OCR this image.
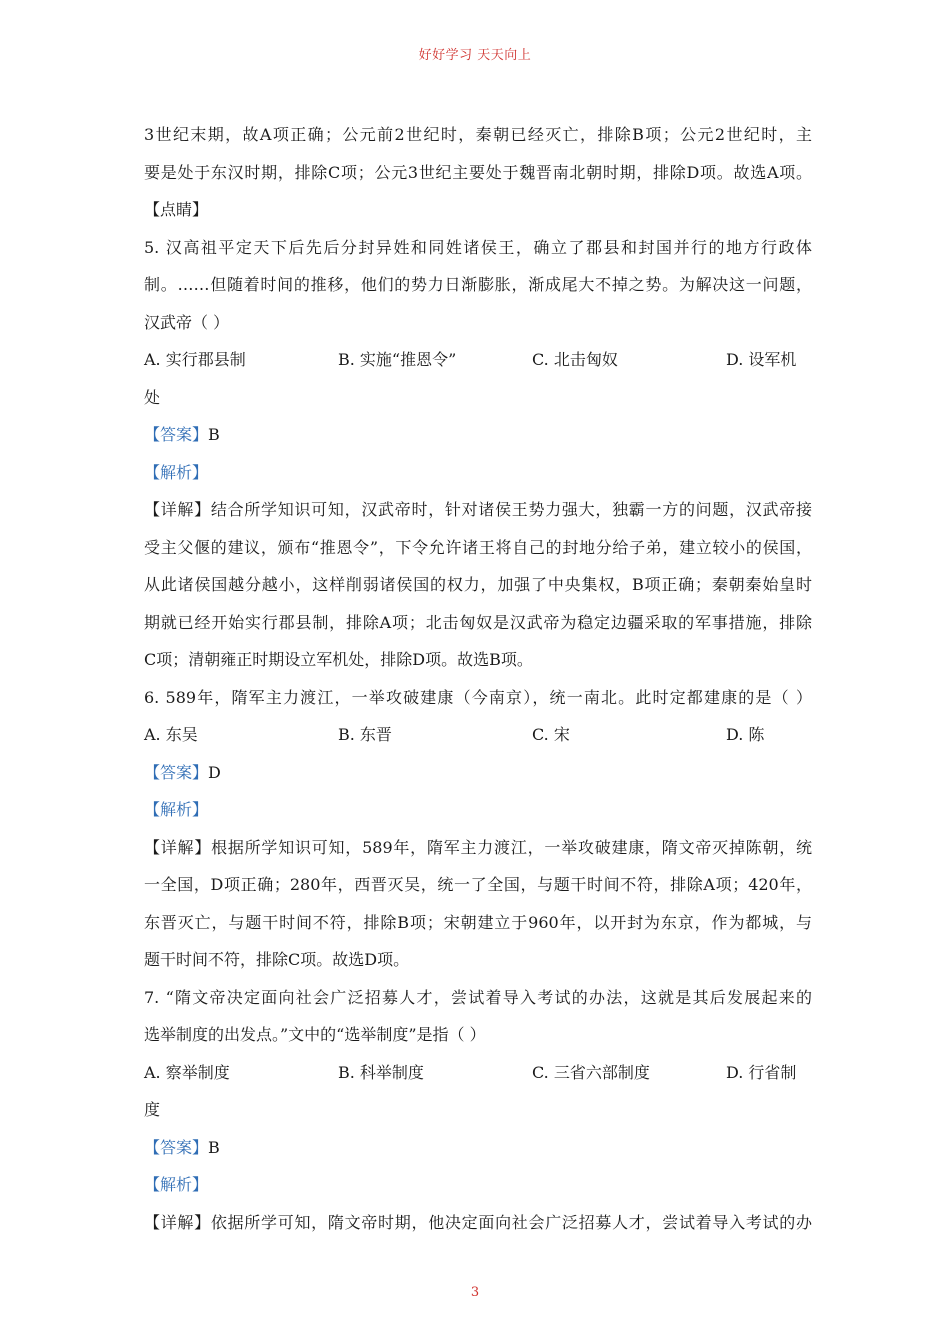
好好学习 天天向上
3世纪末期，故A项正确；公元前2世纪时，秦朝已经灭亡，排除B项；公元2世纪时，主
要是处于东汉时期，排除C项；公元3世纪主要处于魏晋南北朝时期，排除D项。故选A项。
【点睛】
5. 汉高祖平定天下后先后分封异姓和同姓诸侯王，确立了郡县和封国并行的地方行政体
制。……但随着时间的推移，他们的势力日渐膨胀，渐成尾大不掉之势。为解决这一问题，
汉武帝（ ）
A. 实行郡县制	B. 实施“推恩令”	C. 北击匈奴	D. 设军机
处
【答案】B
【解析】
【详解】结合所学知识可知，汉武帝时，针对诸侯王势力强大，独霸一方的问题，汉武帝接
受主父偃的建议，颁布“推恩令”，下令允许诸王将自己的封地分给子弟，建立较小的侯国，
从此诸侯国越分越小，这样削弱诸侯国的权力，加强了中央集权，B项正确；秦朝秦始皇时
期就已经开始实行郡县制，排除A项；北击匈奴是汉武帝为稳定边疆采取的军事措施，排除
C项；清朝雍正时期设立军机处，排除D项。故选B项。
6. 589年，隋军主力渡江，一举攻破建康（今南京），统一南北。此时定都建康的是（ ）
A. 东吴	B. 东晋	C. 宋	D. 陈
【答案】D
【解析】
【详解】根据所学知识可知，589年，隋军主力渡江，一举攻破建康，隋文帝灭掉陈朝，统
一全国，D项正确；280年，西晋灭吴，统一了全国，与题干时间不符，排除A项；420年，
东晋灭亡，与题干时间不符，排除B项；宋朝建立于960年，以开封为东京，作为都城，与
题干时间不符，排除C项。故选D项。
7. “隋文帝决定面向社会广泛招募人才，尝试着导入考试的办法，这就是其后发展起来的
选举制度的出发点。”文中的“选举制度”是指（ ）
A. 察举制度	B. 科举制度	C. 三省六部制度	D. 行省制
度
【答案】B
【解析】
【详解】依据所学可知，隋文帝时期，他决定面向社会广泛招募人才，尝试着导入考试的办
3
